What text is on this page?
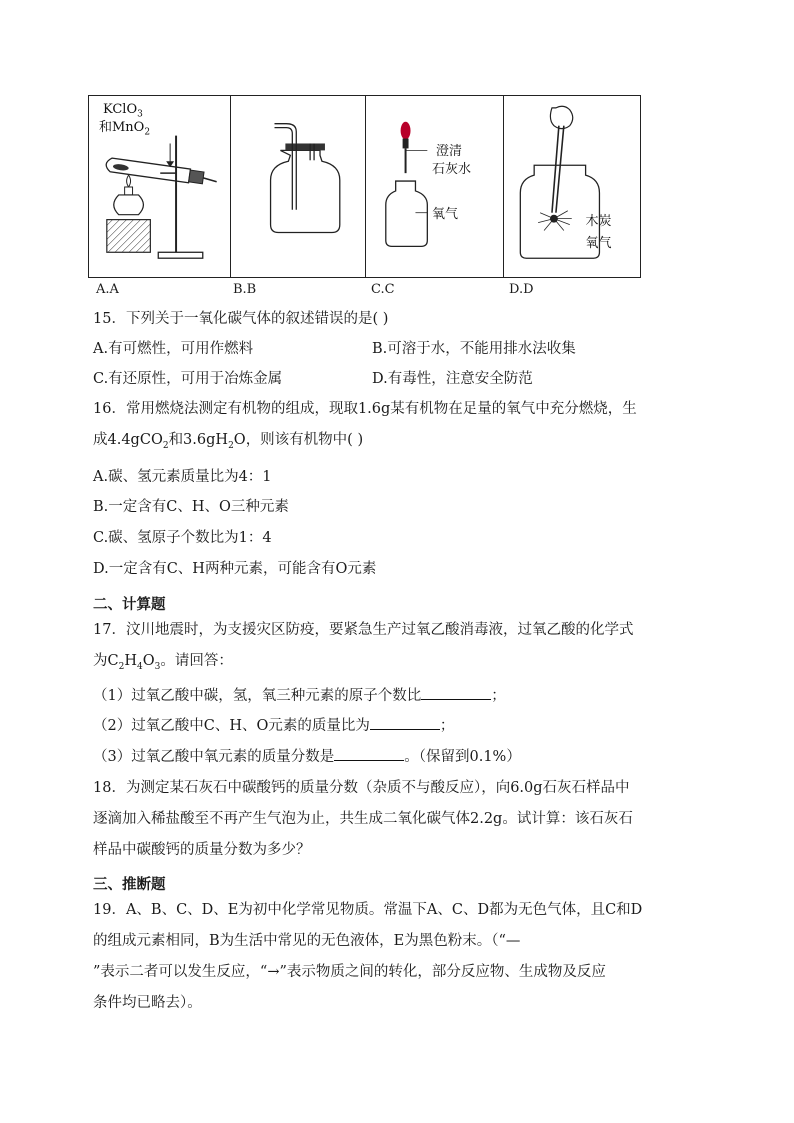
KClO$_3$
和MnO$_2$
澄清
石灰水
氧气	木炭
氧气
A.A	B.B	C.C	D.D
15．下列关于一氧化碳气体的叙述错误的是( )
A.有可燃性，可用作燃料	B.可溶于水，不能用排水法收集
C.有还原性，可用于冶炼金属	D.有毒性，注意安全防范
16．常用燃烧法测定有机物的组成，现取1.6g某有机物在足量的氧气中充分燃烧，生
成4.4gCO$_2$和$3.6gH_2O$，则该有机物中( )
A.碳、氢元素质量比为4：1
B.一定含有C、H、O三种元素
C.碳、氢原子个数比为1：4
D.一定含有C、H两种元素，可能含有O元素
二、计算题
17．汶川地震时，为支援灾区防疫，要紧急生产过氧乙酸消毒液，过氧乙酸的化学式
为$C_2H_4O_3$。请回答：
（1）过氧乙酸中碳，氢，氧三种元素的原子个数比	；
（2）过氧乙酸中C、H、O元素的质量比为	；
（3）过氧乙酸中氧元素的质量分数是	。（保留到0.1%）
18．为测定某石灰石中碳酸钙的质量分数（杂质不与酸反应），向6.0g石灰石样品中
逐滴加入稀盐酸至不再产生气泡为止，共生成二氧化碳气体2.2g。试计算：该石灰石
样品中碳酸钙的质量分数为多少？
三、推断题
19．A、B、C、D、E为初中化学常见物质。常温下A、C、D都为无色气体，且C和D
的组成元素相同，B为生活中常见的无色液体，E为黑色粉末。（“—
”表示二者可以发生反应，“→”表示物质之间的转化，部分反应物、生成物及反应
条件均已略去）。
